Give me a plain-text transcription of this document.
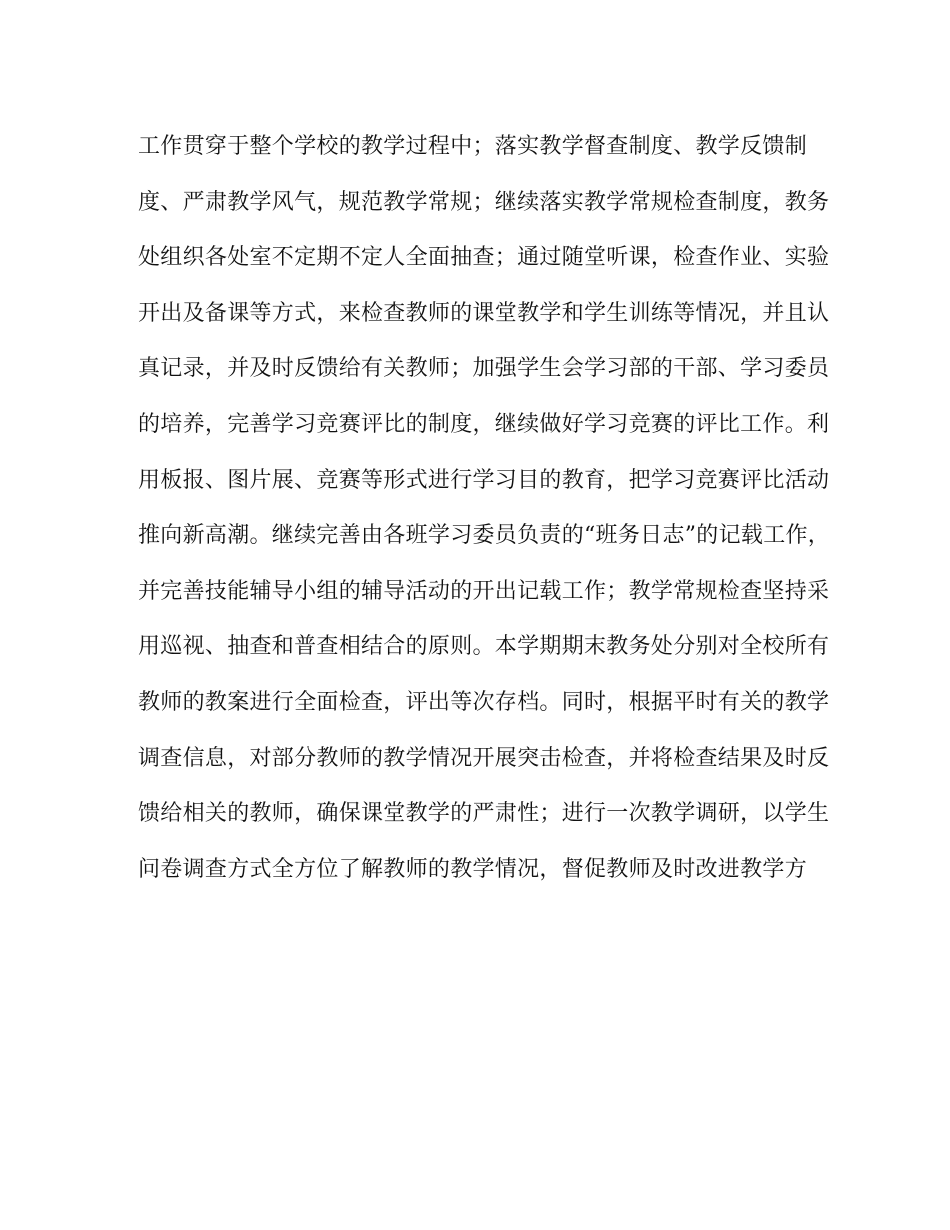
工作贯穿于整个学校的教学过程中；落实教学督查制度、教学反馈制
度、严肃教学风气，规范教学常规；继续落实教学常规检查制度，教务
处组织各处室不定期不定人全面抽查；通过随堂听课，检查作业、实验
开出及备课等方式，来检查教师的课堂教学和学生训练等情况，并且认
真记录，并及时反馈给有关教师；加强学生会学习部的干部、学习委员
的培养，完善学习竞赛评比的制度，继续做好学习竞赛的评比工作。利
用板报、图片展、竞赛等形式进行学习目的教育，把学习竞赛评比活动
推向新高潮。继续完善由各班学习委员负责的“班务日志”的记载工作，
并完善技能辅导小组的辅导活动的开出记载工作；教学常规检查坚持采
用巡视、抽查和普查相结合的原则。本学期期末教务处分别对全校所有
教师的教案进行全面检查，评出等次存档。同时，根据平时有关的教学
调查信息，对部分教师的教学情况开展突击检查，并将检查结果及时反
馈给相关的教师，确保课堂教学的严肃性；进行一次教学调研，以学生
问卷调查方式全方位了解教师的教学情况，督促教师及时改进教学方
